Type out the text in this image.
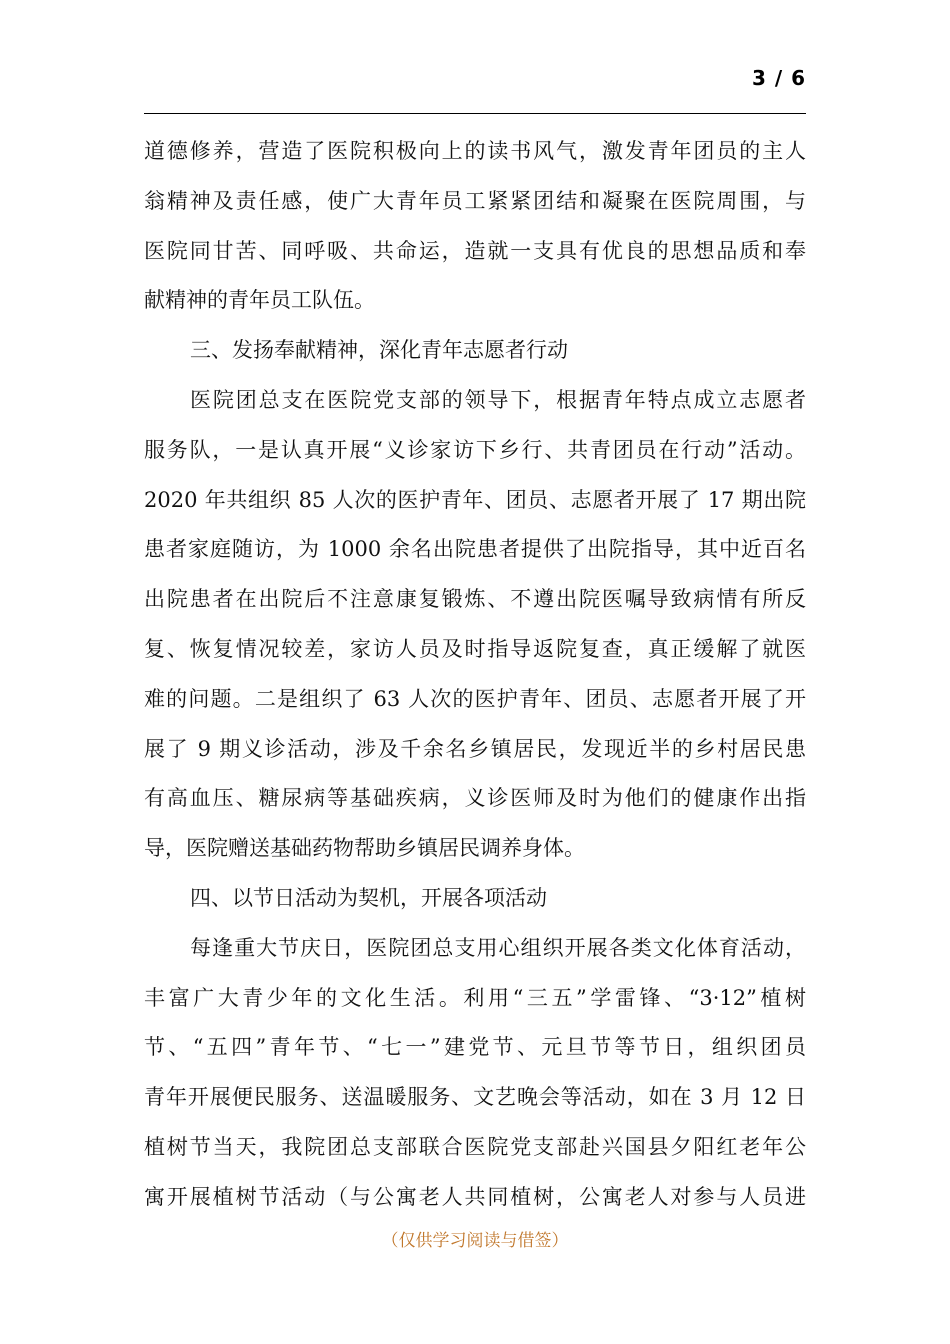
3 / 6
道德修养，营造了医院积极向上的读书风气，激发青年团员的主人
翁精神及责任感，使广大青年员工紧紧团结和凝聚在医院周围，与
医院同甘苦、同呼吸、共命运，造就一支具有优良的思想品质和奉
献精神的青年员工队伍。
三、发扬奉献精神，深化青年志愿者行动
医院团总支在医院党支部的领导下，根据青年特点成立志愿者
服务队，一是认真开展“义诊家访下乡行、共青团员在行动”活动。
2020 年共组织 85 人次的医护青年、团员、志愿者开展了 17 期出院
患者家庭随访，为 1000 余名出院患者提供了出院指导，其中近百名
出院患者在出院后不注意康复锻炼、不遵出院医嘱导致病情有所反
复、恢复情况较差，家访人员及时指导返院复查，真正缓解了就医
难的问题。二是组织了 63 人次的医护青年、团员、志愿者开展了开
展了 9 期义诊活动，涉及千余名乡镇居民，发现近半的乡村居民患
有高血压、糖尿病等基础疾病，义诊医师及时为他们的健康作出指
导，医院赠送基础药物帮助乡镇居民调养身体。
四、以节日活动为契机，开展各项活动
每逢重大节庆日，医院团总支用心组织开展各类文化体育活动，
丰富广大青少年的文化生活。利用“三五”学雷锋、“3·12”植树
节、“五四”青年节、“七一”建党节、元旦节等节日，组织团员
青年开展便民服务、送温暖服务、文艺晚会等活动，如在 3 月 12 日
植树节当天，我院团总支部联合医院党支部赴兴国县夕阳红老年公
寓开展植树节活动（与公寓老人共同植树，公寓老人对参与人员进
（仅供学习阅读与借签）
